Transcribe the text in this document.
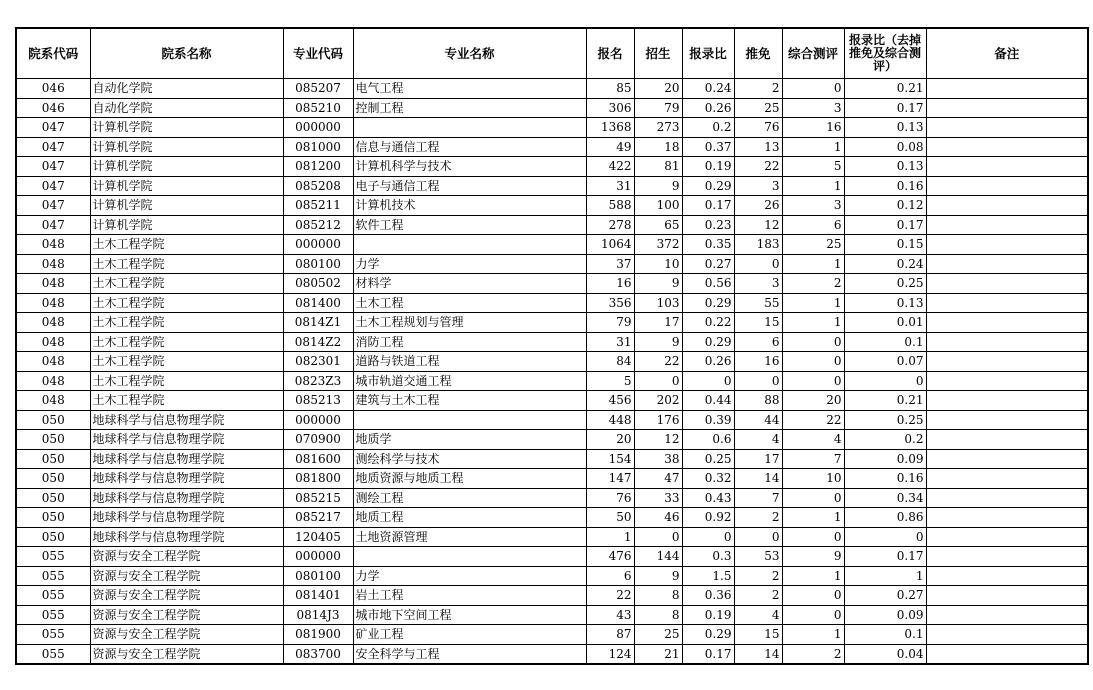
院系代码	院系名称	专业代码	专业名称	报名	招生	报录比	推免	综合测评	报录比（去掉推免及综合测评）	备注
046	自动化学院	085207	电气工程	85	20	0.24	2	0	0.21	
046	自动化学院	085210	控制工程	306	79	0.26	25	3	0.17	
047	计算机学院	000000		1368	273	0.2	76	16	0.13	
047	计算机学院	081000	信息与通信工程	49	18	0.37	13	1	0.08	
047	计算机学院	081200	计算机科学与技术	422	81	0.19	22	5	0.13	
047	计算机学院	085208	电子与通信工程	31	9	0.29	3	1	0.16	
047	计算机学院	085211	计算机技术	588	100	0.17	26	3	0.12	
047	计算机学院	085212	软件工程	278	65	0.23	12	6	0.17	
048	土木工程学院	000000		1064	372	0.35	183	25	0.15	
048	土木工程学院	080100	力学	37	10	0.27	0	1	0.24	
048	土木工程学院	080502	材料学	16	9	0.56	3	2	0.25	
048	土木工程学院	081400	土木工程	356	103	0.29	55	1	0.13	
048	土木工程学院	0814Z1	土木工程规划与管理	79	17	0.22	15	1	0.01	
048	土木工程学院	0814Z2	消防工程	31	9	0.29	6	0	0.1	
048	土木工程学院	082301	道路与铁道工程	84	22	0.26	16	0	0.07	
048	土木工程学院	0823Z3	城市轨道交通工程	5	0	0	0	0	0	
048	土木工程学院	085213	建筑与土木工程	456	202	0.44	88	20	0.21	
050	地球科学与信息物理学院	000000		448	176	0.39	44	22	0.25	
050	地球科学与信息物理学院	070900	地质学	20	12	0.6	4	4	0.2	
050	地球科学与信息物理学院	081600	测绘科学与技术	154	38	0.25	17	7	0.09	
050	地球科学与信息物理学院	081800	地质资源与地质工程	147	47	0.32	14	10	0.16	
050	地球科学与信息物理学院	085215	测绘工程	76	33	0.43	7	0	0.34	
050	地球科学与信息物理学院	085217	地质工程	50	46	0.92	2	1	0.86	
050	地球科学与信息物理学院	120405	土地资源管理	1	0	0	0	0	0	
055	资源与安全工程学院	000000		476	144	0.3	53	9	0.17	
055	资源与安全工程学院	080100	力学	6	9	1.5	2	1	1	
055	资源与安全工程学院	081401	岩土工程	22	8	0.36	2	0	0.27	
055	资源与安全工程学院	0814J3	城市地下空间工程	43	8	0.19	4	0	0.09	
055	资源与安全工程学院	081900	矿业工程	87	25	0.29	15	1	0.1	
055	资源与安全工程学院	083700	安全科学与工程	124	21	0.17	14	2	0.04	
